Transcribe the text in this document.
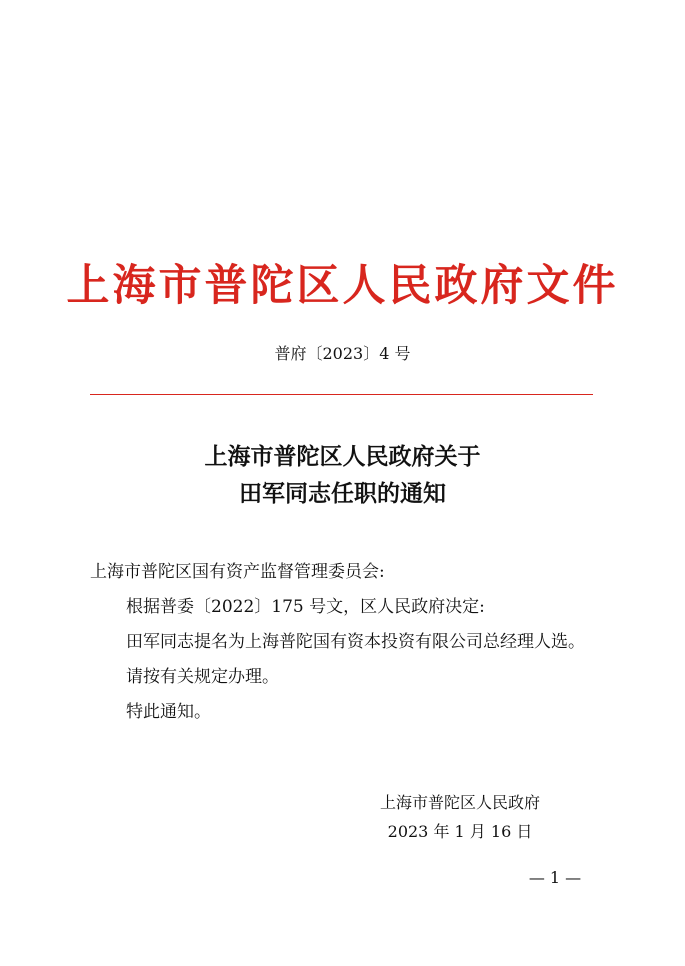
上海市普陀区人民政府文件
普府〔2023〕4 号
上海市普陀区人民政府关于
田军同志任职的通知
上海市普陀区国有资产监督管理委员会:
根据普委〔2022〕175 号文，区人民政府决定:
田军同志提名为上海普陀国有资本投资有限公司总经理人选。
请按有关规定办理。
特此通知。
上海市普陀区人民政府
2023 年 1 月 16 日
— 1 —
